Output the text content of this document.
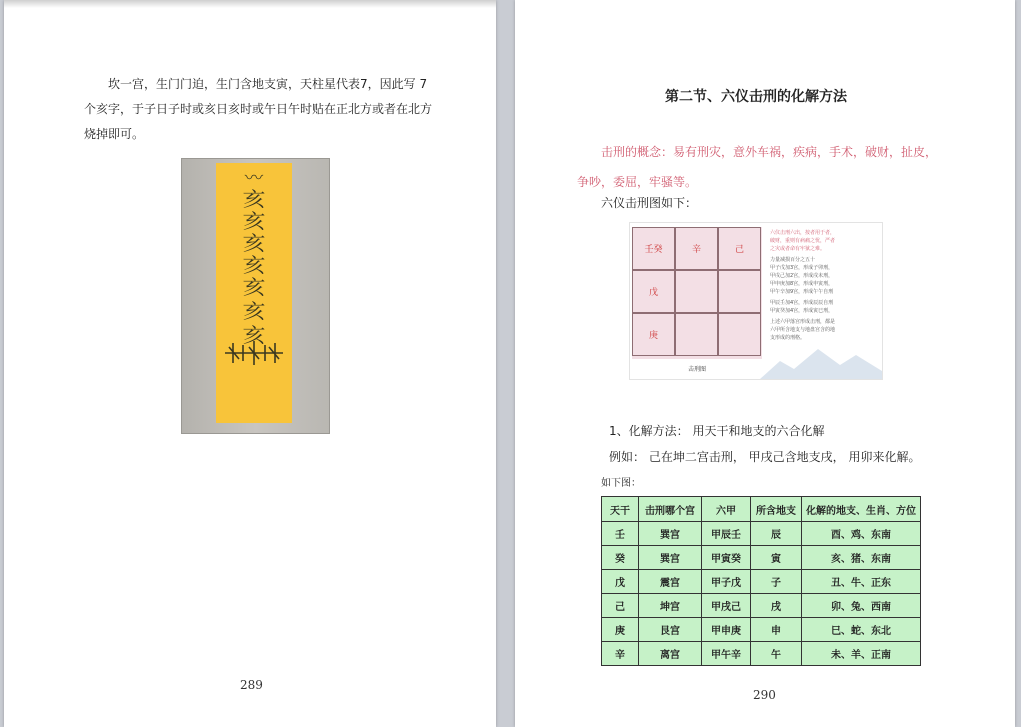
坎一宫，生门门迫，生门含地支寅，天柱星代表7，因此写 7
个亥字，于子日子时或亥日亥时或午日午时贴在正北方或者在北方
烧掉即可。
〰
亥
亥
亥
亥
亥
亥
亥
289
第二节、六仪击刑的化解方法
击刑的概念：易有刑灾，意外车祸，疾病，手术，破财，扯皮，
争吵，委屈，牢骚等。
六仪击刑图如下：
壬癸	辛	己
戊
庚
六仪击刑六出，按者用于者，
破财，重则有病痛之忧，严者
之灾或者命有牢狱之难。
力量减损百分之五十
甲子戊加3宫，形成子卯刑，
甲戌己加2宫，形成戌未刑，
甲申庚加8宫，形成申寅刑，
甲午辛加9宫，形成午午自刑
甲辰壬加4宫，形成辰辰自刑
甲寅癸加4宫，形成寅巳刑，
上述六甲落宫形成击刑，都是
六甲所含地支与地盘宫含的地
支形成的刑格。
击刑图
1、化解方法： 用天干和地支的六合化解
例如： 己在坤二宫击刑， 甲戌己含地支戌， 用卯来化解。
如下图：
天干	击刑哪个宫	六甲	所含地支	化解的地支、生肖、方位
壬	巽宫	甲辰壬	辰	酉、鸡、东南
癸	巽宫	甲寅癸	寅	亥、猪、东南
戊	震宫	甲子戊	子	丑、牛、正东
己	坤宫	甲戌己	戌	卯、兔、西南
庚	艮宫	甲申庚	申	巳、蛇、东北
辛	离宫	甲午辛	午	未、羊、正南
290
